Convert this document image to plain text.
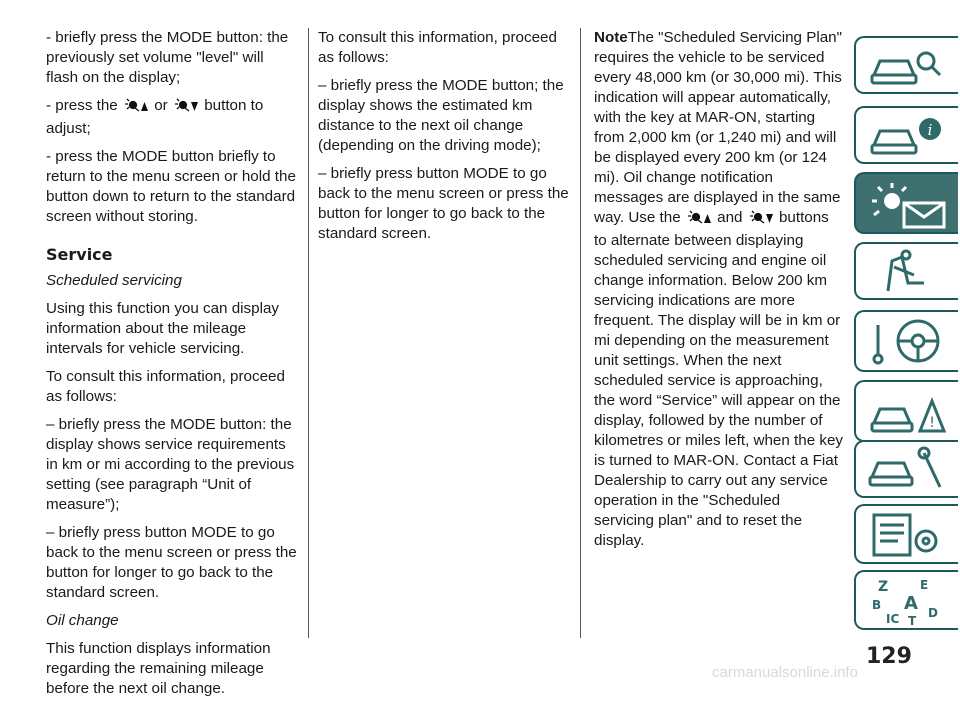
- briefly press the MODE button: the previously set volume "level" will flash on the display;

- press the or button to adjust;

- press the MODE button briefly to return to the menu screen or hold the button down to return to the standard screen without storing.

Service

Scheduled servicing

Using this function you can display information about the mileage intervals for vehicle servicing.

To consult this information, proceed as follows:

– briefly press the MODE button: the display shows service requirements in km or mi according to the previous setting (see paragraph “Unit of measure”);

– briefly press button MODE to go back to the menu screen or press the button for longer to go back to the standard screen.

Oil change

This function displays information regarding the remaining mileage before the next oil change.

To consult this information, proceed as follows:

– briefly press the MODE button; the display shows the estimated km distance to the next oil change (depending on the driving mode);

– briefly press button MODE to go back to the menu screen or press the button for longer to go back to the standard screen.

NoteThe "Scheduled Servicing Plan" requires the vehicle to be serviced every 48,000 km (or 30,000 mi). This indication will appear automatically, with the key at MAR-ON, starting from 2,000 km (or 1,240 mi) and will be displayed every 200 km (or 124 mi). Oil change notification messages are displayed in the same way. Use the and buttons to alternate between displaying scheduled servicing and engine oil change information. Below 200 km servicing indications are more frequent. The display will be in km or mi depending on the measurement unit settings. When the next scheduled service is approaching, the word “Service” will appear on the display, followed by the number of kilometres or miles left, when the key is turned to MAR-ON. Contact a Fiat Dealership to carry out any service operation in the "Scheduled servicing plan" and to reset the display.

i
!
Z	E
B A D
IC T
129
carmanualsonline.info
